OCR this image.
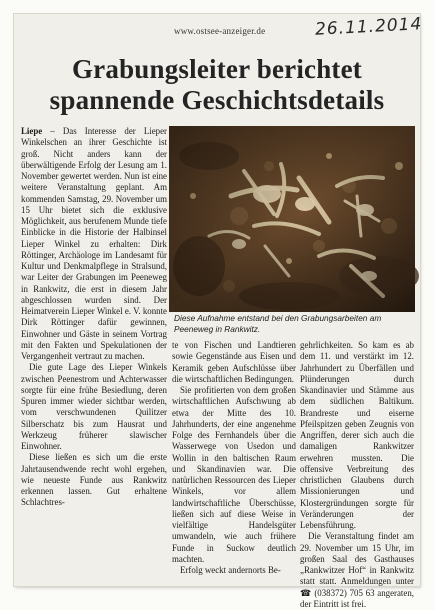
www.ostsee-anzeiger.de	26.11.2014
Grabungsleiter berichtet
spannende Geschichtsdetails

Liepe – Das Interesse der Lieper Winkelschen an ihrer Geschichte ist groß. Nicht anders kann der überwältigende Erfolg der Lesung am 1. November gewertet werden. Nun ist eine weitere Veranstaltung geplant. Am kommenden Samstag, 29. November um 15 Uhr bietet sich die exklusive Möglichkeit, aus berufenem Munde tiefe Einblicke in die Historie der Halbinsel Lieper Winkel zu erhalten: Dirk Röttinger, Archäologe im Landesamt für Kultur und Denkmalpflege in Stralsund, war Leiter der Grabungen im Peeneweg in Rankwitz, die erst in diesem Jahr abgeschlossen wurden sind. Der Heimatverein Lieper Winkel e. V. konnte Dirk Röttinger dafür gewinnen, Einwohner und Gäste in seinem Vortrag mit den Fakten und Spekulationen der Vergangenheit vertraut zu machen.

Die gute Lage des Lieper Winkels zwischen Peenestrom und Achterwasser sorgte für eine frühe Besiedlung, deren Spuren immer wieder sichtbar werden, vom verschwundenen Quilitzer Silberschatz bis zum Hausrat und Werkzeug früherer slawischer Einwohner.

Diese ließen es sich um die erste Jahrtausendwende recht wohl ergehen, wie neueste Funde aus Rankwitz erkennen lassen. Gut erhaltene Schlachtres-

Diese Aufnahme entstand bei den Grabungsarbeiten am Peeneweg in Rankwitz.

te von Fischen und Landtieren sowie Gegenstände aus Eisen und Keramik geben Aufschlüsse über die wirtschaftlichen Bedingungen.

Sie profitierten von dem großen wirtschaftlichen Aufschwung ab etwa der Mitte des 10. Jahrhunderts, der eine angenehme Folge des Fernhandels über die Wasserwege von Usedon und Wollin in den baltischen Raum und Skandinavien war. Die natürlichen Ressourcen des Lieper Winkels, vor allem landwirtschaftliche Überschüsse, ließen sich auf diese Weise in vielfältige Handelsgüter umwandeln, wie auch frühere Funde in Suckow deutlich machten.

Erfolg weckt andernorts Be-

gehrlichkeiten. So kam es ab dem 11. und verstärkt im 12. Jahrhundert zu Überfällen und Plünderungen durch Skandinavier und Stämme aus dem südlichen Baltikum. Brandreste und eiserne Pfeilspitzen geben Zeugnis von Angriffen, derer sich auch die damaligen Rankwitzer erwehren mussten. Die offensive Verbreitung des christlichen Glaubens durch Missionierungen und Klostergründungen sorgte für Veränderungen der Lebensführung.

Die Veranstaltung findet am 29. November um 15 Uhr, im großen Saal des Gasthauses „Rankwitzer Hof“ in Rankwitz statt statt. Anmeldungen unter ☎ (038372) 705 63 angeraten, der Eintritt ist frei.
